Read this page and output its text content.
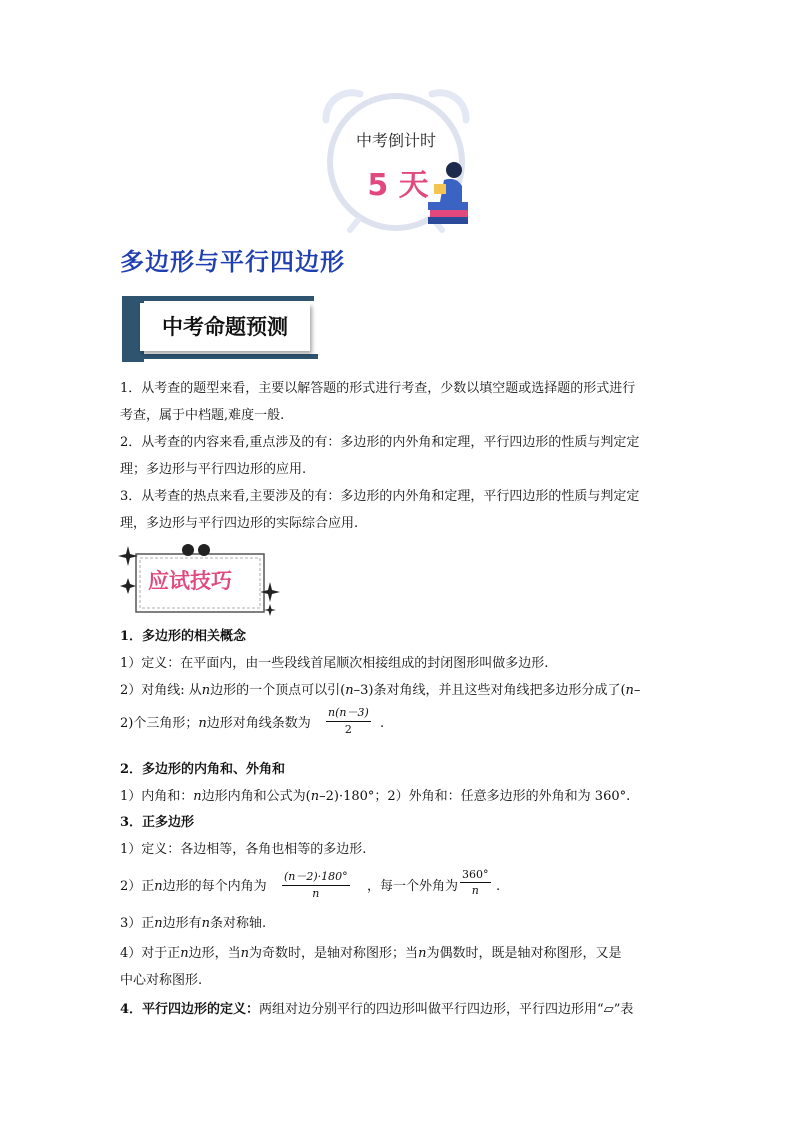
中考倒计时
5 天
多边形与平行四边形
中考命题预测
1．从考查的题型来看，主要以解答题的形式进行考查，少数以填空题或选择题的形式进行
考查，属于中档题,难度一般.
2．从考查的内容来看,重点涉及的有：多边形的内外角和定理，平行四边形的性质与判定定
理；多边形与平行四边形的应用.
3．从考查的热点来看,主要涉及的有：多边形的内外角和定理，平行四边形的性质与判定定
理，多边形与平行四边形的实际综合应用.
应试技巧
1．多边形的相关概念
1）定义：在平面内，由一些段线首尾顺次相接组成的封闭图形叫做多边形.
2）对角线: 从n边形的一个顶点可以引(n–3)条对角线，并且这些对角线把多边形分成了(n–
2)个三角形；n边形对角线条数为 $\frac{n(n-3)}{2}$ .
2．多边形的内角和、外角和
1）内角和：n边形内角和公式为(n–2)·180°；2）外角和：任意多边形的外角和为 360°.
3．正多边形
1）定义：各边相等，各角也相等的多边形.
2）正n边形的每个内角为 $\frac{(n-2)\cdot 180^\circ}{n}$ ，每一个外角为 $\frac{360^\circ}{n}$ .
3）正n边形有n条对称轴.
4）对于正n边形，当n为奇数时，是轴对称图形；当n为偶数时，既是轴对称图形，又是
中心对称图形.
4．平行四边形的定义：两组对边分别平行的四边形叫做平行四边形，平行四边形用“▱”表
